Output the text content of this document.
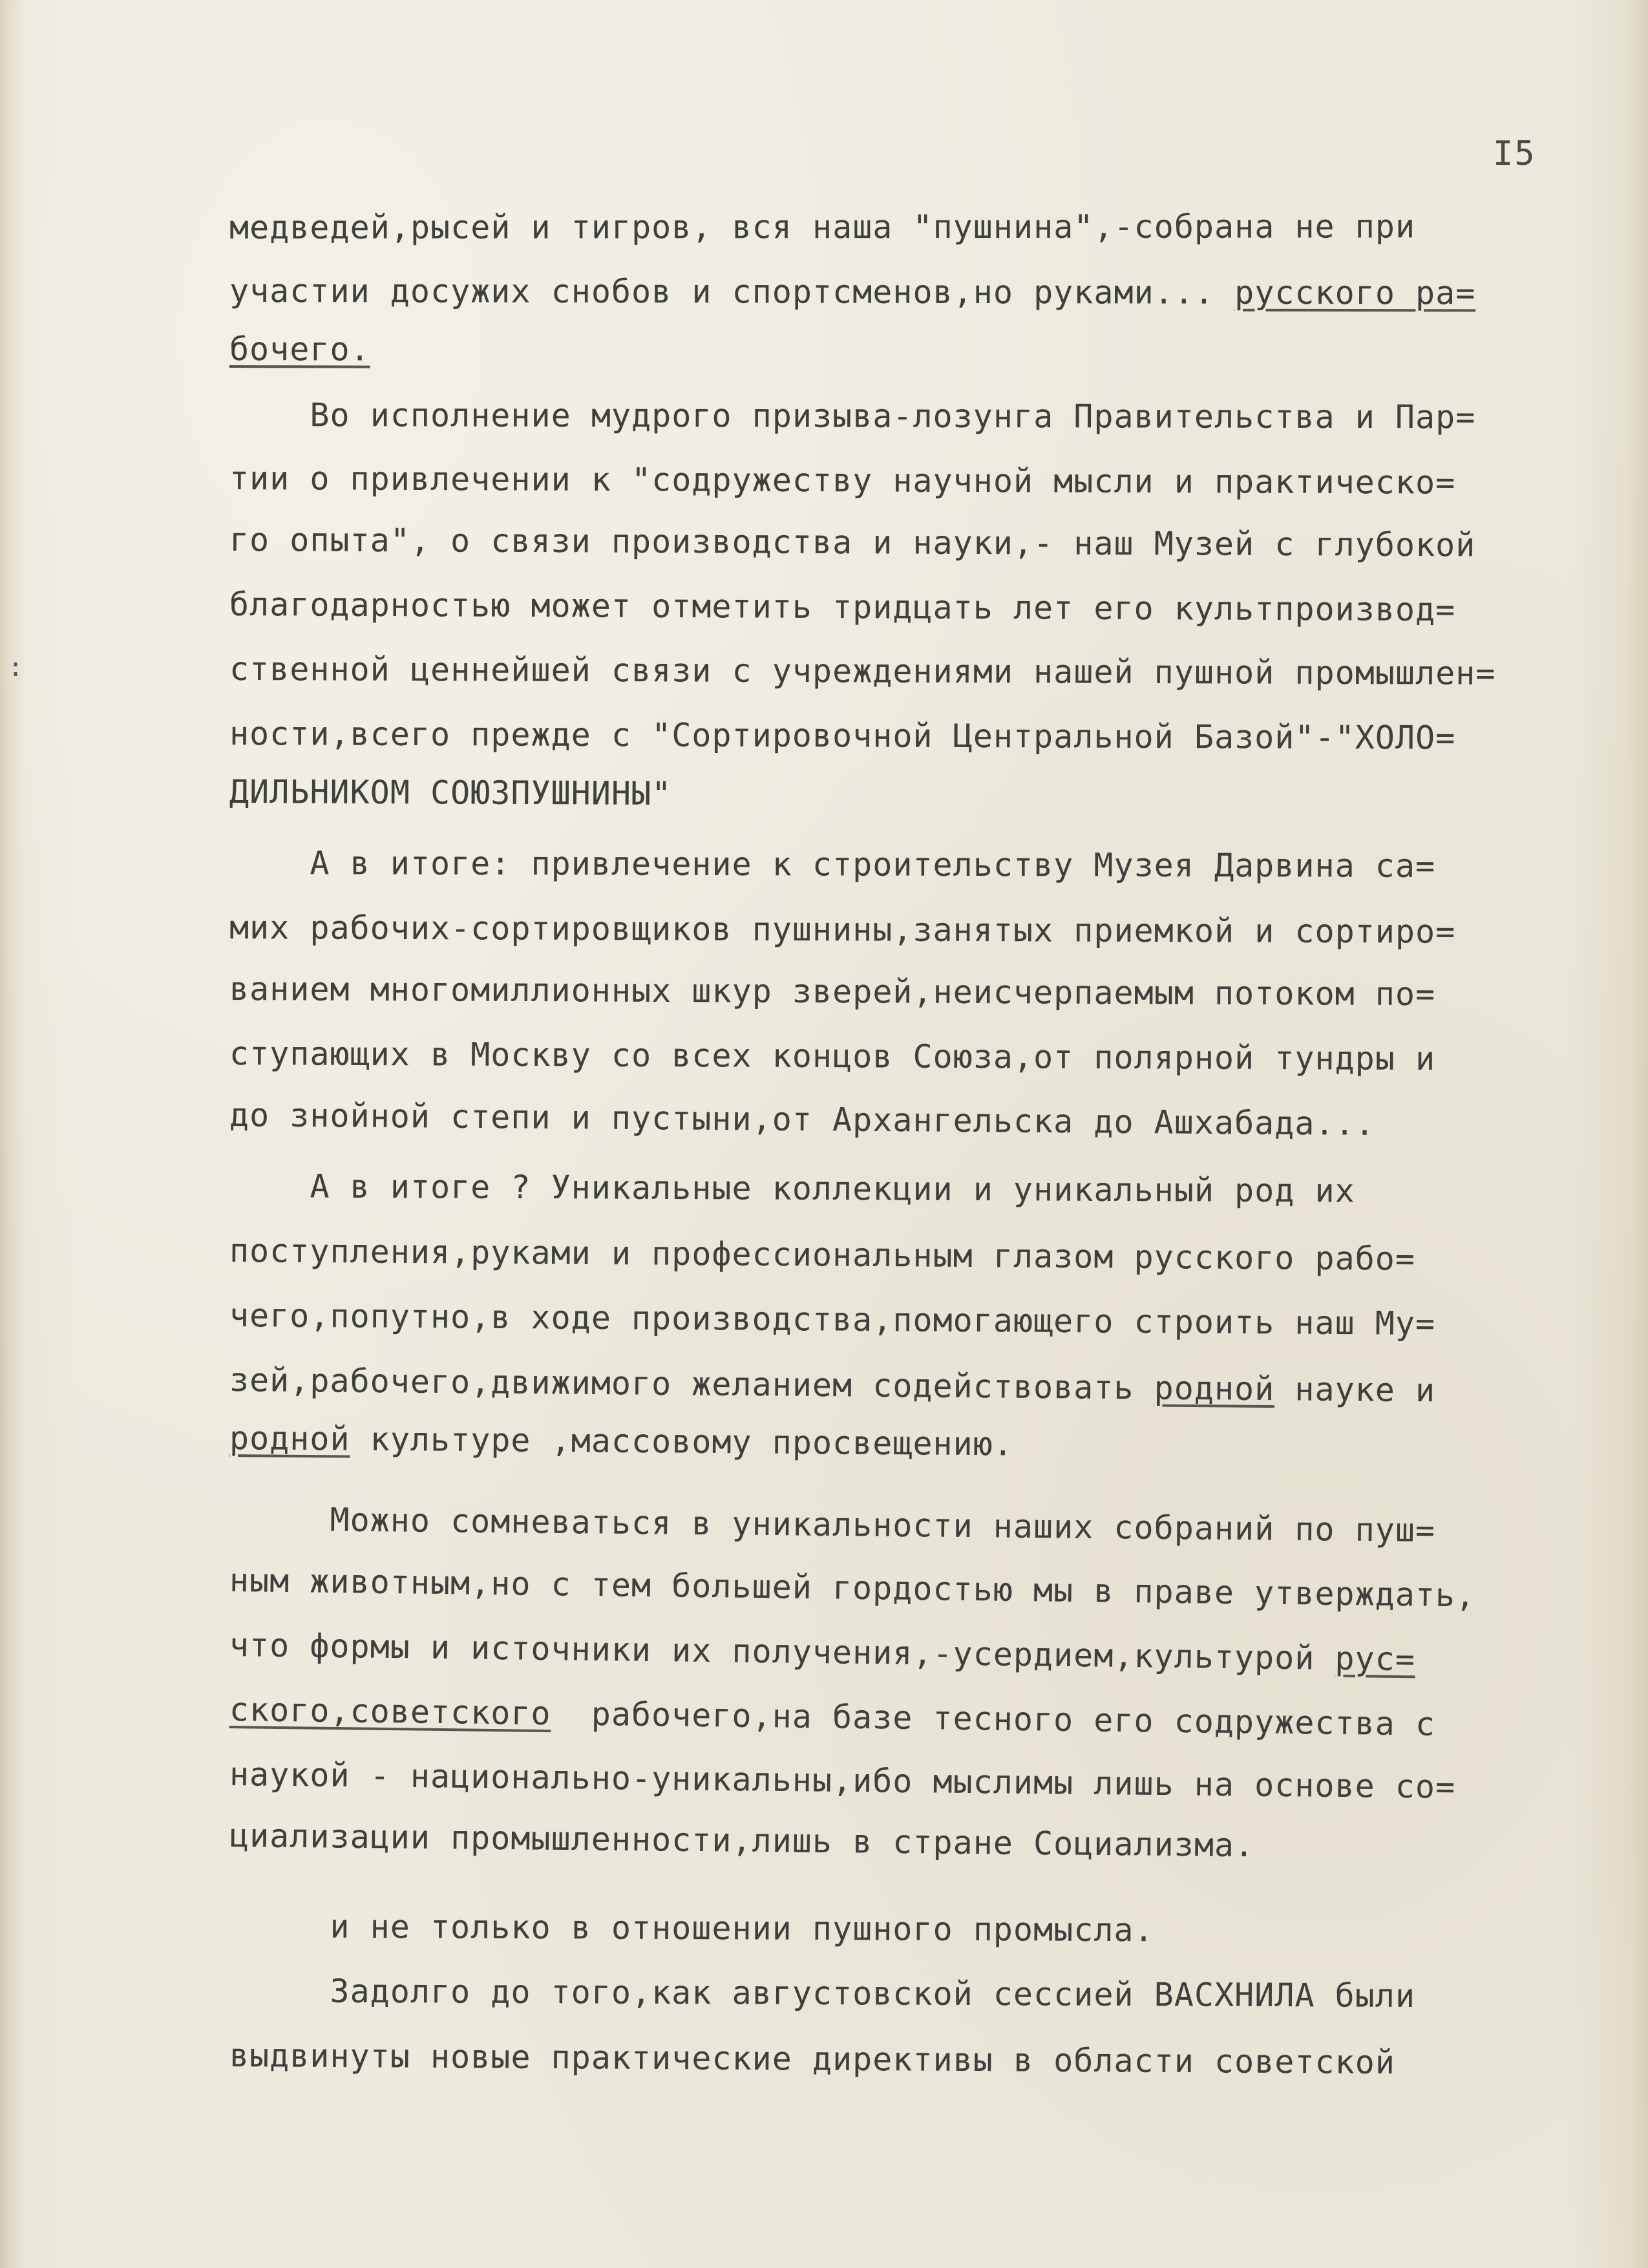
:
I5
медведей,рысей и тигров, вся наша "пушнина",-собрана не при
участии досужих снобов и спортсменов,но руками... русского ра=
бочего.
Во исполнение мудрого призыва-лозунга Правительства и Пар=
тии о привлечении к "содружеству научной мысли и практическо=
го опыта", о связи производства и науки,- наш Музей с глубокой
благодарностью может отметить тридцать лет его культпроизвод=
ственной ценнейшей связи с учреждениями нашей пушной промышлен=
ности,всего прежде с "Сортировочной Центральной Базой"-"ХОЛО=
ДИЛЬНИКОМ СОЮЗПУШНИНЫ"
А в итоге: привлечение к строительству Музея Дарвина са=
мих рабочих-сортировщиков пушнины,занятых приемкой и сортиро=
ванием многомиллионных шкур зверей,неисчерпаемым потоком по=
ступающих в Москву со всех концов Союза,от полярной тундры и
до знойной степи и пустыни,от Архангельска до Ашхабада...
А в итоге ? Уникальные коллекции и уникальный род их
поступления,руками и профессиональным глазом русского рабо=
чего,попутно,в ходе производства,помогающего строить наш Му=
зей,рабочего,движимого желанием содействовать родной науке и
родной культуре ,массовому просвещению.
Можно сомневаться в уникальности наших собраний по пуш=
ным животным,но с тем большей гордостью мы в праве утверждать,
что формы и источники их получения,-усердием,культурой рус=
ского,советского  рабочего,на базе тесного его содружества с
наукой - национально-уникальны,ибо мыслимы лишь на основе со=
циализации промышленности,лишь в стране Социализма.
и не только в отношении пушного промысла.
Задолго до того,как августовской сессией ВАСХНИЛА были
выдвинуты новые практические директивы в области советской
